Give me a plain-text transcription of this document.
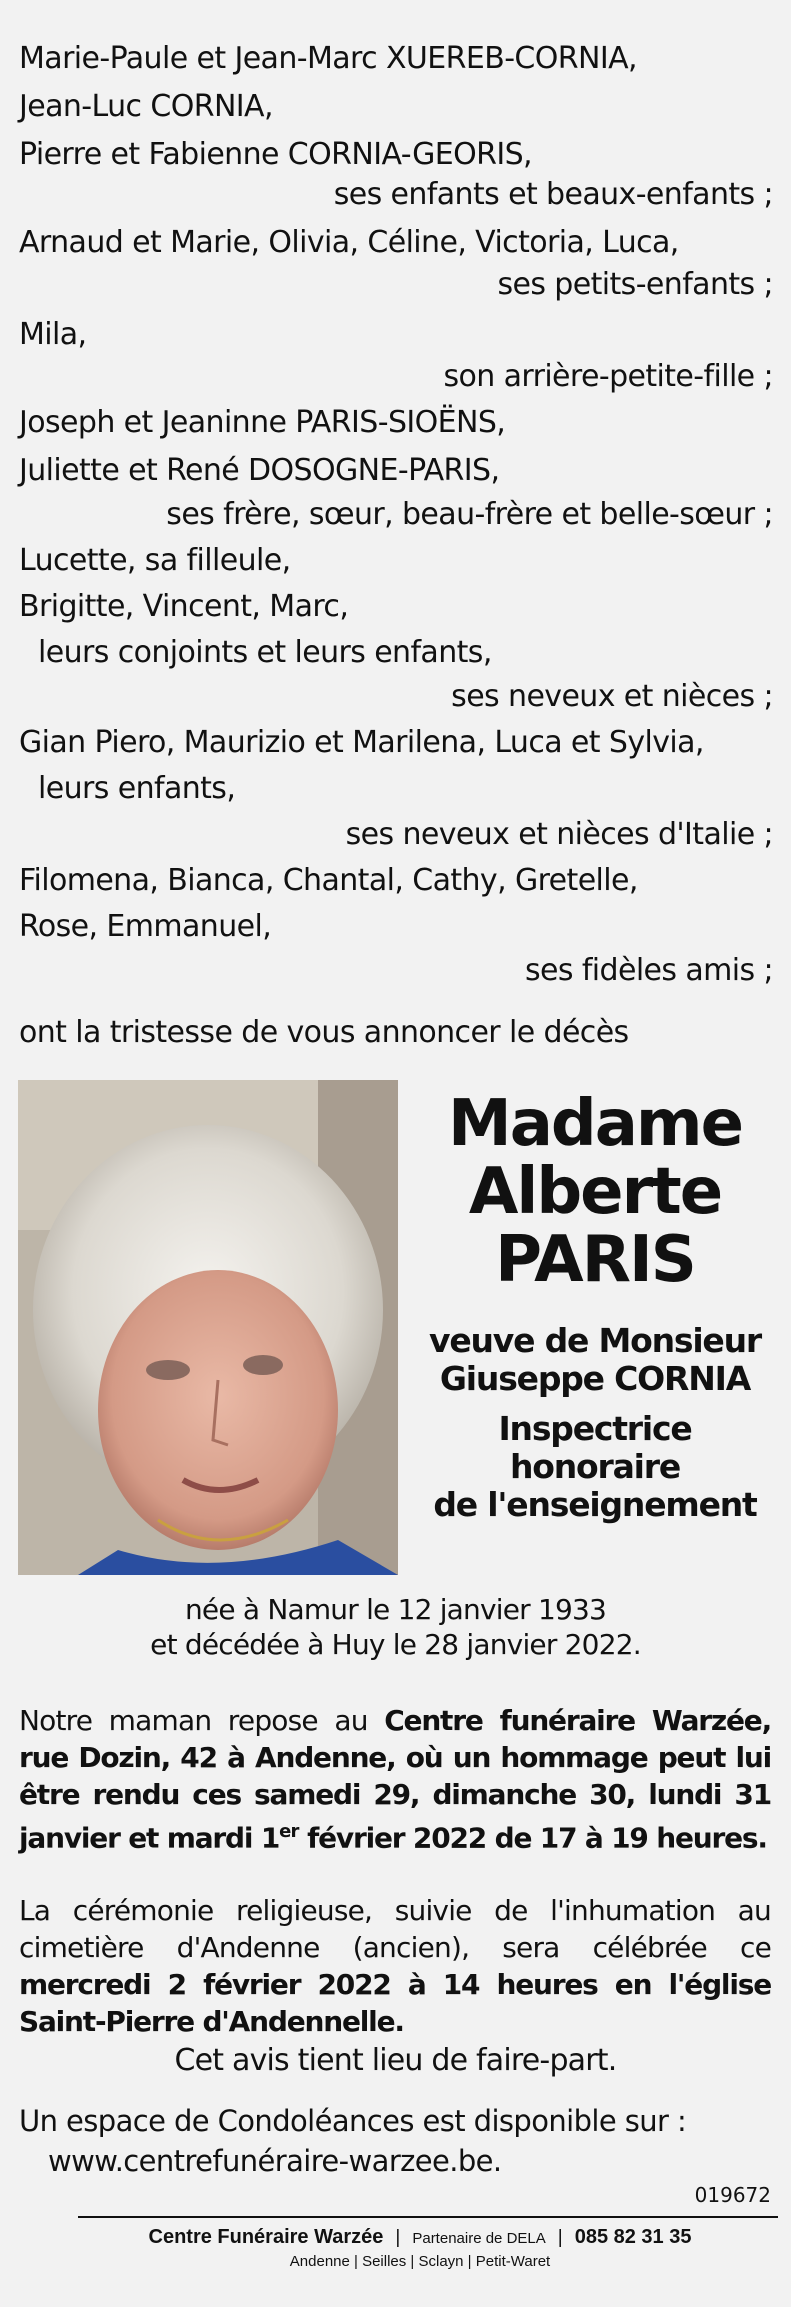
Marie-Paule et Jean-Marc XUEREB-CORNIA,
Jean-Luc CORNIA,
Pierre et Fabienne CORNIA-GEORIS,
ses enfants et beaux-enfants ;
Arnaud et Marie, Olivia, Céline, Victoria, Luca,
ses petits-enfants ;
Mila,
son arrière-petite-fille ;
Joseph et Jeaninne PARIS-SIOËNS,
Juliette et René DOSOGNE-PARIS,
ses frère, sœur, beau-frère et belle-sœur ;
Lucette, sa filleule,
Brigitte, Vincent, Marc,
leurs conjoints et leurs enfants,
ses neveux et nièces ;
Gian Piero, Maurizio et Marilena, Luca et Sylvia,
leurs enfants,
ses neveux et nièces d'Italie ;
Filomena, Bianca, Chantal, Cathy, Gretelle,
Rose, Emmanuel,
ses fidèles amis ;
ont la tristesse de vous annoncer le décès
Madame
Alberte
PARIS
veuve de Monsieur
Giuseppe CORNIA
Inspectrice honoraire
de l'enseignement
née à Namur le 12 janvier 1933
et décédée à Huy le 28 janvier 2022.
Notre maman repose au Centre funéraire Warzée, rue Dozin, 42 à Andenne, où un hommage peut lui être rendu ces samedi 29, dimanche 30, lundi 31 janvier et mardi 1er février 2022 de 17 à 19 heures.
La cérémonie religieuse, suivie de l'inhumation au cimetière d'Andenne (ancien), sera célébrée ce mercredi 2 février 2022 à 14 heures en l'église Saint-Pierre d'Andennelle.
Cet avis tient lieu de faire-part.
Un espace de Condoléances est disponible sur :
www.centrefunéraire-warzee.be.
019672
Centre Funéraire Warzée | Partenaire de DELA | 085 82 31 35
Andenne | Seilles | Sclayn | Petit-Waret
